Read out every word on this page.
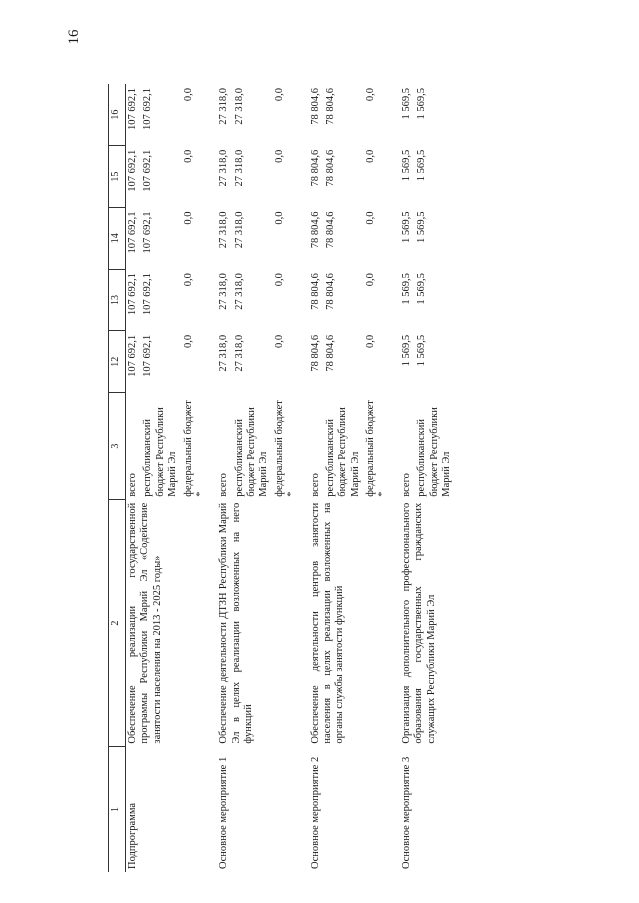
16
1	2	3	12	13	14	15	16
Подпрограмма	Обеспечение реализации государственной программы Республики Марий Эл «Содействие занятости населения на 2013 - 2025 годы»	всего	107 692,1	107 692,1	107 692,1	107 692,1	107 692,1
		республиканский бюджет Республики Марий Эл	107 692,1	107 692,1	107 692,1	107 692,1	107 692,1
		федеральный бюджет *	0,0	0,0	0,0	0,0	0,0
Основное мероприятие 1	Обеспечение деятельности ДТЗН Республики Марий Эл в целях реализации возложенных на него функций	всего	27 318,0	27 318,0	27 318,0	27 318,0	27 318,0
		республиканский бюджет Республики Марий Эл	27 318,0	27 318,0	27 318,0	27 318,0	27 318,0
		федеральный бюджет *	0,0	0,0	0,0	0,0	0,0
Основное мероприятие 2	Обеспечение деятельности центров занятости населения в целях реализации возложенных на органы службы занятости функций	всего	78 804,6	78 804,6	78 804,6	78 804,6	78 804,6
		республиканский бюджет Республики Марий Эл	78 804,6	78 804,6	78 804,6	78 804,6	78 804,6
		федеральный бюджет *	0,0	0,0	0,0	0,0	0,0
Основное мероприятие 3	Организация дополнительного профессионального образования государственных гражданских служащих Республики Марий Эл	всего	1 569,5	1 569,5	1 569,5	1 569,5	1 569,5
		республиканский бюджет Республики Марий Эл	1 569,5	1 569,5	1 569,5	1 569,5	1 569,5
